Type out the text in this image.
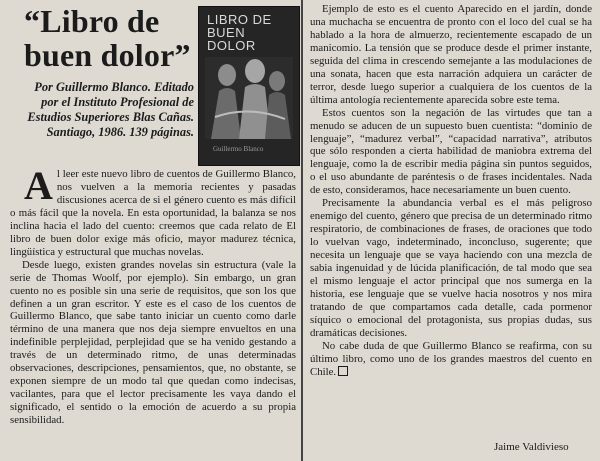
“Libro de buen dolor”
LIBRO DE BUEN DOLOR
Guillermo Blanco
Por Guillermo Blanco. Editado por el Instituto Profesional de Estudios Superiores Blas Cañas. Santiago, 1986. 139 páginas.
A l leer este nuevo libro de cuentos de Guillermo Blanco, nos vuelven a la memoria recientes y pasadas discusiones acerca de si el género cuento es más difícil o más fácil que la novela. En esta oportunidad, la balanza se nos inclina hacia el lado del cuento: creemos que cada relato de El libro de buen dolor exige más oficio, mayor madurez técnica, lingüística y estructural que muchas novelas.

Desde luego, existen grandes novelas sin estructura (vale la serie de Thomas Woolf, por ejemplo). Sin embargo, un gran cuento no es posible sin una serie de requisitos, que son los que definen a un gran escritor. Y este es el caso de los cuentos de Guillermo Blanco, que sabe tanto iniciar un cuento como darle término de una manera que nos deja siempre envueltos en una indefinible perplejidad, perplejidad que se ha venido gestando a través de un determinado ritmo, de unas determinadas observaciones, descripciones, pensamientos, que, no obstante, se exponen siempre de un modo tal que quedan como indecisas, vacilantes, para que el lector precisamente les vaya dando el significado, el sentido o la emoción de acuerdo a su propia sensibilidad.

Ejemplo de esto es el cuento Aparecido en el jardín, donde una muchacha se encuentra de pronto con el loco del cual se ha hablado a la hora de almuerzo, recientemente escapado de un manicomio. La tensión que se produce desde el primer instante, seguida del clima in crescendo semejante a las modulaciones de una sonata, hacen que esta narración adquiera un carácter de terror, desde luego superior a cualquiera de los cuentos de la última antología recientemente aparecida sobre este tema.

Estos cuentos son la negación de las virtudes que tan a menudo se aducen de un supuesto buen cuentista: “dominio de lenguaje”, “madurez verbal”, “capacidad narrativa”, atributos que sólo responden a cierta habilidad de maniobra extrema del lenguaje, como la de escribir media página sin puntos seguidos, o el uso abundante de paréntesis o de frases incidentales. Nada de esto, consideramos, hace necesariamente un buen cuento.

Precisamente la abundancia verbal es el más peligroso enemigo del cuento, género que precisa de un determinado ritmo respiratorio, de combinaciones de frases, de oraciones que todo lo vuelvan vago, indeterminado, inconcluso, sugerente; que necesita un lenguaje que se vaya haciendo con una mezcla de sabia ingenuidad y de lúcida planificación, de tal modo que sea el mismo lenguaje el actor principal que nos sumerga en la historia, ese lenguaje que se vuelve hacia nosotros y nos mira tratando de que compartamos cada detalle, cada pormenor síquico o emocional del protagonista, sus propias dudas, sus dramáticas decisiones.

No cabe duda de que Guillermo Blanco se reafirma, con su último libro, como uno de los grandes maestros del cuento en Chile.

Jaime Valdivieso
